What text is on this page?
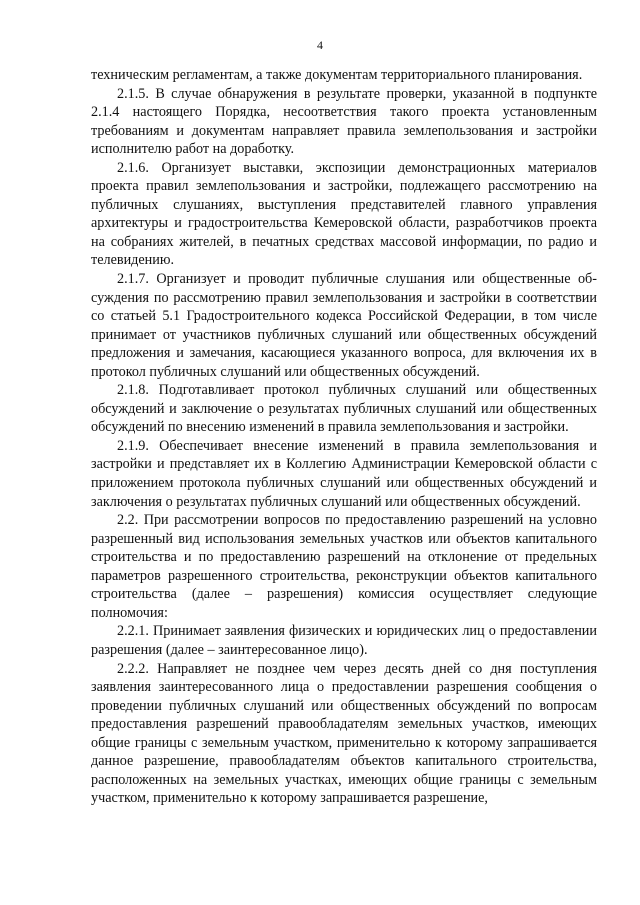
4

техническим регламентам, а также документам территориального планирования.

2.1.5. В случае обнаружения в результате проверки, указанной в подпункте 2.1.4 настоящего Порядка, несоответствия такого проекта установленным требованиям и документам направляет правила землепользования и застройки исполнителю работ на доработку.

2.1.6. Организует выставки, экспозиции демонстрационных материалов проекта правил землепользования и застройки, подлежащего рассмотрению на публичных слушаниях, выступления представителей главного управления архитектуры и градостроительства Кемеровской области, разработчиков проекта на собраниях жителей, в печатных средствах массовой информации, по радио и телевидению.

2.1.7. Организует и проводит публичные слушания или общественные обсуждения по рассмотрению правил землепользования и застройки в соответствии со статьей 5.1 Градостроительного кодекса Российской Федерации, в том числе принимает от участников публичных слушаний или общественных обсуждений предложения и замечания, касающиеся указанного вопроса, для включения их в протокол публичных слушаний или общественных обсуждений.

2.1.8. Подготавливает протокол публичных слушаний или общественных обсуждений и заключение о результатах публичных слушаний или общественных обсуждений по внесению изменений в правила землепользования и застройки.

2.1.9. Обеспечивает внесение изменений в правила землепользования и застройки и представляет их в Коллегию Администрации Кемеровской области с приложением протокола публичных слушаний или общественных обсуждений и заключения о результатах публичных слушаний или общественных обсуждений.

2.2. При рассмотрении вопросов по предоставлению разрешений на условно разрешенный вид использования земельных участков или объектов капитального строительства и по предоставлению разрешений на отклонение от предельных параметров разрешенного строительства, реконструкции объектов капитального строительства (далее – разрешения) комиссия осуществляет следующие полномочия:

2.2.1. Принимает заявления физических и юридических лиц о предоставлении разрешения (далее – заинтересованное лицо).

2.2.2. Направляет не позднее чем через десять дней со дня поступления заявления заинтересованного лица о предоставлении разрешения сообщения о проведении публичных слушаний или общественных обсуждений по вопросам предоставления разрешений правообладателям земельных участков, имеющих общие границы с земельным участком, применительно к которому запрашивается данное разрешение, правообладателям объектов капитального строительства, расположенных на земельных участках, имеющих общие границы с земельным участком, применительно к которому запрашивается разрешение,
